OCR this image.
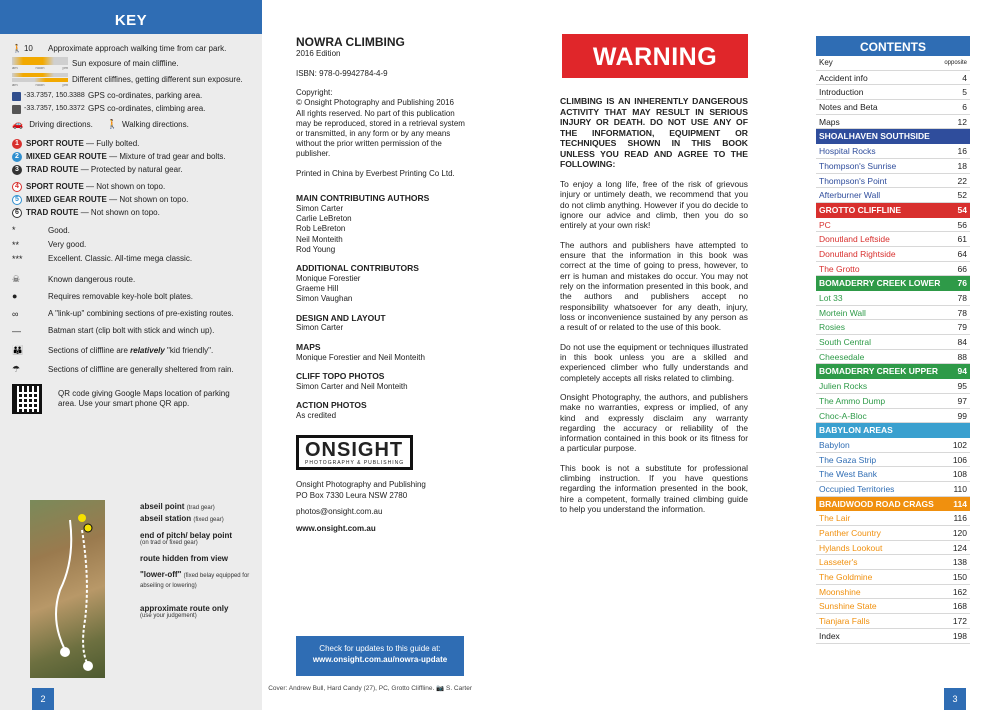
KEY
🚶 10 Approximate approach walking time from car park.
am	noon	pm Sun exposure of main cliffline.
am	noon	pm
Different cliffines, getting different sun exposure.
-33.7357, 150.3388 GPS co-ordinates, parking area.
-33.7357, 150.3372 GPS co-ordinates, climbing area.
🚗 Driving directions. 🚶 Walking directions.
1 SPORT ROUTE
— Fully bolted.
2 MIXED GEAR ROUTE
— Mixture of trad gear and bolts.
3 TRAD ROUTE
— Protected by natural gear.
4 SPORT ROUTE
— Not shown on topo.
5 MIXED GEAR ROUTE
— Not shown on topo.
6 TRAD ROUTE
— Not shown on topo.
*	Good.
**	Very good.
***	Excellent. Classic. All-time mega classic.
☠	Known dangerous route.
●	Requires removable key-hole bolt plates.
∞	A "link-up" combining sections of pre-existing routes.
—	Batman start (clip bolt with stick and winch up).
👪	Sections of cliffline are relatively "kid friendly".
☂	Sections of cliffline are generally sheltered from rain.
QR code giving Google Maps location of parking area. Use your smart phone QR app.
abseil point (trad gear)
abseil station (fixed gear)
end of pitch/ belay point
(on trad or fixed gear)
route hidden from view
"lower-off" (fixed belay equipped for abseiling or lowering)
approximate route only
(use your judgement)
2
NOWRA CLIMBING
2016 Edition
ISBN: 978-0-9942784-4-9
Copyright:
© Onsight Photography and Publishing 2016
All rights reserved. No part of this publication may be reproduced, stored in a retrieval system or transmitted, in any form or by any means without the prior written permission of the publisher.
Printed in China by Everbest Printing Co Ltd.
MAIN CONTRIBUTING AUTHORS
Simon Carter
Carlie LeBreton
Rob LeBreton
Neil Monteith
Rod Young
ADDITIONAL CONTRIBUTORS
Monique Forestier
Graeme Hill
Simon Vaughan
DESIGN AND LAYOUT
Simon Carter
MAPS
Monique Forestier and Neil Monteith
CLIFF TOPO PHOTOS
Simon Carter and Neil Monteith
ACTION PHOTOS
As credited
ONSIGHT
PHOTOGRAPHY & PUBLISHING
Onsight Photography and Publishing
PO Box 7330 Leura NSW 2780
photos@onsight.com.au
www.onsight.com.au
Check for updates to this guide at:
www.onsight.com.au/nowra-update
Cover: Andrew Bull, Hard Candy (27), PC, Grotto Cliffline. 📷 S. Carter
WARNING

CLIMBING IS AN INHERENTLY DANGEROUS ACTIVITY THAT MAY RESULT IN SERIOUS INJURY OR DEATH. DO NOT USE ANY OF THE INFORMATION, EQUIPMENT OR TECHNIQUES SHOWN IN THIS BOOK UNLESS YOU READ AND AGREE TO THE FOLLOWING:

To enjoy a long life, free of the risk of grievous injury or untimely death, we recommend that you do not climb anything. However if you do decide to ignore our advice and climb, then you do so entirely at your own risk!

The authors and publishers have attempted to ensure that the information in this book was correct at the time of going to press, however, to err is human and mistakes do occur. You may not rely on the information presented in this book, and the authors and publishers accept no responsibility whatsoever for any death, injury, loss or inconvenience sustained by any person as a result of or related to the use of this book.

Do not use the equipment or techniques illustrated in this book unless you are a skilled and experienced climber who fully understands and completely accepts all risks related to climbing.

Onsight Photography, the authors, and publishers make no warranties, express or implied, of any kind and expressly disclaim any warranty regarding the accuracy or reliability of the information contained in this book or its fitness for a particular purpose.

This book is not a substitute for professional climbing instruction. If you have questions regarding the information presented in the book, hire a competent, formally trained climbing guide to help you understand the information.

CONTENTS
Key	opposite
Accident info	4
Introduction	5
Notes and Beta	6
Maps	12
SHOALHAVEN SOUTHSIDE
Hospital Rocks	16
Thompson's Sunrise	18
Thompson's Point	22
Afterburner Wall	52
GROTTO CLIFFLINE	54
PC	56
Donutland Leftside	61
Donutland Rightside	64
The Grotto	66
BOMADERRY CREEK LOWER 76
Lot 33	78
Mortein Wall	78
Rosies	79
South Central	84
Cheesedale	88
BOMADERRY CREEK UPPER 94
Julien Rocks	95
The Ammo Dump	97
Choc-A-Bloc	99
BABYLON AREAS
Babylon	102
The Gaza Strip	106
The West Bank	108
Occupied Territories	110
BRAIDWOOD ROAD CRAGS 114
The Lair	116
Panther Country	120
Hylands Lookout	124
Lasseter's	138
The Goldmine	150
Moonshine	162
Sunshine State	168
Tianjara Falls	172
Index	198
3
